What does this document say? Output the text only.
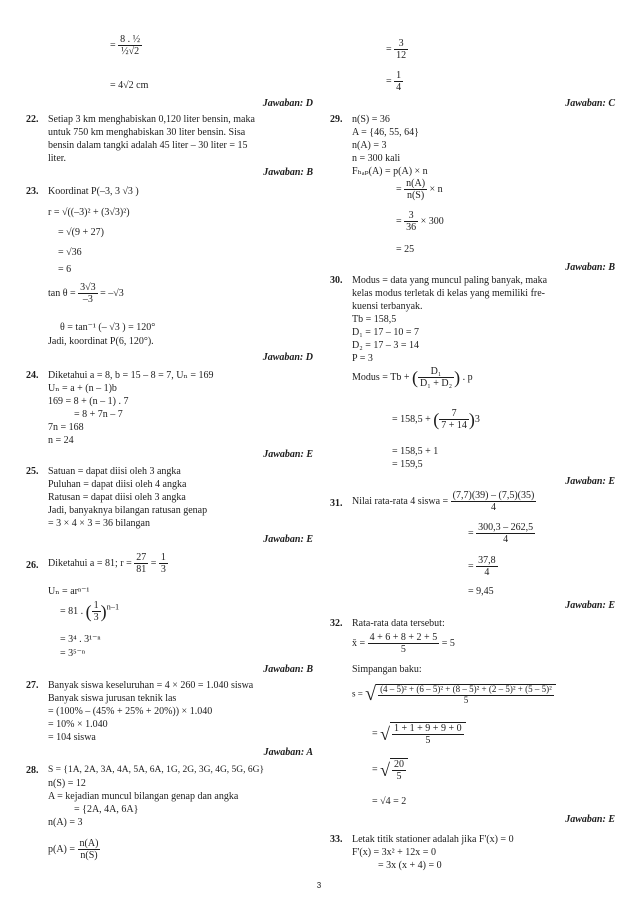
= $\frac{\text{8 . ½}}{\text{½√2}}$
= 4√2 cm
Jawaban: D
22. Setiap 3 km menghabiskan 0,120 liter bensin, maka
untuk 750 km menghabiskan 30 liter bensin. Sisa
bensin dalam tangki adalah 45 liter – 30 liter = 15
liter.
Jawaban: B
23. Koordinat P(–3, 3 √3 )
r = √((–3)² + (3√3)²)
= √(9 + 27)
= √36
= 6
$\tan \theta = \frac{3√3}{-3} = -√3$
θ = tan⁻¹ (– √3 ) = 120°
Jadi, koordinat P(6, 120°).
Jawaban: D
24. Diketahui a = 8, b = 15 – 8 = 7, Uₙ = 169
Uₙ = a + (n – 1)b
169 = 8 + (n – 1) . 7
= 8 + 7n – 7
7n = 168
n = 24
Jawaban: E
25. Satuan = dapat diisi oleh 3 angka
Puluhan = dapat diisi oleh 4 angka
Ratusan = dapat diisi oleh 3 angka
Jadi, banyaknya bilangan ratusan genap
= 3 × 4 × 3 = 36 bilangan
Jawaban: E
26. Diketahui a = 81; $r = \frac{27}{81} = \frac{1}{3}$
Uₙ = arⁿ⁻¹
= 81 . ( $\frac{1}{3} )^{n-1}$
= 3⁴ . 3¹⁻ⁿ
= 3⁵⁻ⁿ
Jawaban: B
27. Banyak siswa keseluruhan = 4 × 260 = 1.040 siswa
Banyak siswa jurusan teknik las
= (100% – (45% + 25% + 20%)) × 1.040
= 10% × 1.040
= 104 siswa
Jawaban: A
28. S = {1A, 2A, 3A, 4A, 5A, 6A, 1G, 2G, 3G, 4G, 5G, 6G}
n(S) = 12
A = kejadian muncul bilangan genap dan angka
= {2A, 4A, 6A}
n(A) = 3
$p(A) = \frac{n(A)}{n(S)}$
= $\frac{3}{12}$
= $\frac{1}{4}$
Jawaban: C
29. n(S) = 36
A = {46, 55, 64}
n(A) = 3
n = 300 kali
Fₕₐₚ(A) = p(A) × n
= $\frac{n(A)}{n(S)} \times n$
= $\frac{3}{36} \times 300$
= 25
Jawaban: B
30. Modus = data yang muncul paling banyak, maka
kelas modus terletak di kelas yang memiliki fre-
kuensi terbanyak.
Tb = 158,5
D₁ = 17 – 10 = 7
D₂ = 17 – 3 = 14
P = 3
Modus = Tb + ( $\frac{\text{D₁}}{\text{D₁ + D₂}}$ ) . p
= 158,5 + ( $\frac{7}{7 + 14} )3$
= 158,5 + 1
= 159,5
Jawaban: E
31. Nilai rata-rata 4 siswa = $\frac{(7,7)(39) - (7,5)(35)}{4}$
= $\frac{300,3 - 262,5}{4}$
= $\frac{37,8}{4}$
= 9,45
Jawaban: E
32. Rata-rata data tersebut:
x̄ = $\frac{4 + 6 + 8 + 2 + 5}{5} = 5$
Simpangan baku:
s = √ $\frac{\text{(4 – 5)² + (6 – 5)² + (8 – 5)² + (2 – 5)² + (5 – 5)²}}{5}$
= √ $\frac{1 + 1 + 9 + 9 + 0}{5}$
= √ $\frac{20}{5}$
= √4 = 2
Jawaban: E
33. Letak titik stationer adalah jika F'(x) = 0
F'(x) = 3x² + 12x = 0
= 3x (x + 4) = 0
3
